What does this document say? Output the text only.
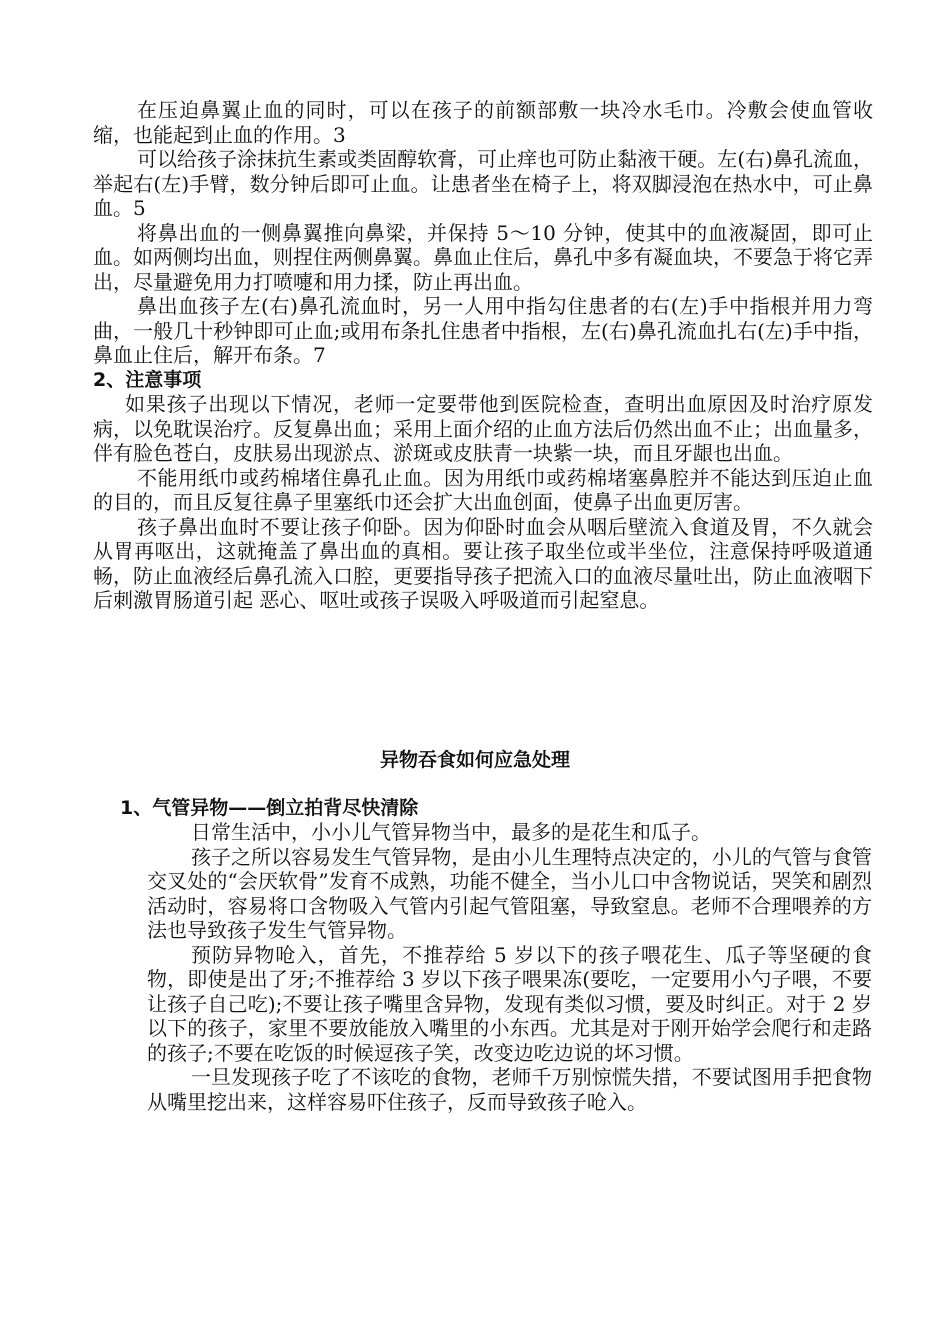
在压迫鼻翼止血的同时，可以在孩子的前额部敷一块冷水毛巾。冷敷会使血管收缩，也能起到止血的作用。3

可以给孩子涂抹抗生素或类固醇软膏，可止痒也可防止黏液干硬。左(右)鼻孔流血，举起右(左)手臂，数分钟后即可止血。让患者坐在椅子上，将双脚浸泡在热水中，可止鼻血。5

将鼻出血的一侧鼻翼推向鼻梁，并保持 5～10 分钟，使其中的血液凝固，即可止血。如两侧均出血，则捏住两侧鼻翼。鼻血止住后，鼻孔中多有凝血块，不要急于将它弄出，尽量避免用力打喷嚏和用力揉，防止再出血。

鼻出血孩子左(右)鼻孔流血时，另一人用中指勾住患者的右(左)手中指根并用力弯曲，一般几十秒钟即可止血;或用布条扎住患者中指根，左(右)鼻孔流血扎右(左)手中指，鼻血止住后，解开布条。7

2、注意事项

如果孩子出现以下情况，老师一定要带他到医院检查，查明出血原因及时治疗原发病，以免耽误治疗。反复鼻出血；采用上面介绍的止血方法后仍然出血不止；出血量多，伴有脸色苍白，皮肤易出现淤点、淤斑或皮肤青一块紫一块，而且牙龈也出血。

不能用纸巾或药棉堵住鼻孔止血。因为用纸巾或药棉堵塞鼻腔并不能达到压迫止血的目的，而且反复往鼻子里塞纸巾还会扩大出血创面，使鼻子出血更厉害。

孩子鼻出血时不要让孩子仰卧。因为仰卧时血会从咽后壁流入食道及胃，不久就会从胃再呕出，这就掩盖了鼻出血的真相。要让孩子取坐位或半坐位，注意保持呼吸道通畅，防止血液经后鼻孔流入口腔，更要指导孩子把流入口的血液尽量吐出，防止血液咽下后刺激胃肠道引起 恶心、呕吐或孩子误吸入呼吸道而引起窒息。

异物吞食如何应急处理
1、气管异物——倒立拍背尽快清除

日常生活中，小小儿气管异物当中，最多的是花生和瓜子。

孩子之所以容易发生气管异物，是由小儿生理特点决定的，小儿的气管与食管交叉处的“会厌软骨”发育不成熟，功能不健全，当小儿口中含物说话，哭笑和剧烈活动时，容易将口含物吸入气管内引起气管阻塞，导致窒息。老师不合理喂养的方法也导致孩子发生气管异物。

预防异物呛入，首先，不推荐给 5 岁以下的孩子喂花生、瓜子等坚硬的食物，即使是出了牙;不推荐给 3 岁以下孩子喂果冻(要吃，一定要用小勺子喂，不要让孩子自己吃);不要让孩子嘴里含异物，发现有类似习惯，要及时纠正。对于 2 岁以下的孩子，家里不要放能放入嘴里的小东西。尤其是对于刚开始学会爬行和走路的孩子;不要在吃饭的时候逗孩子笑，改变边吃边说的坏习惯。

一旦发现孩子吃了不该吃的食物，老师千万别惊慌失措，不要试图用手把食物从嘴里挖出来，这样容易吓住孩子，反而导致孩子呛入。
